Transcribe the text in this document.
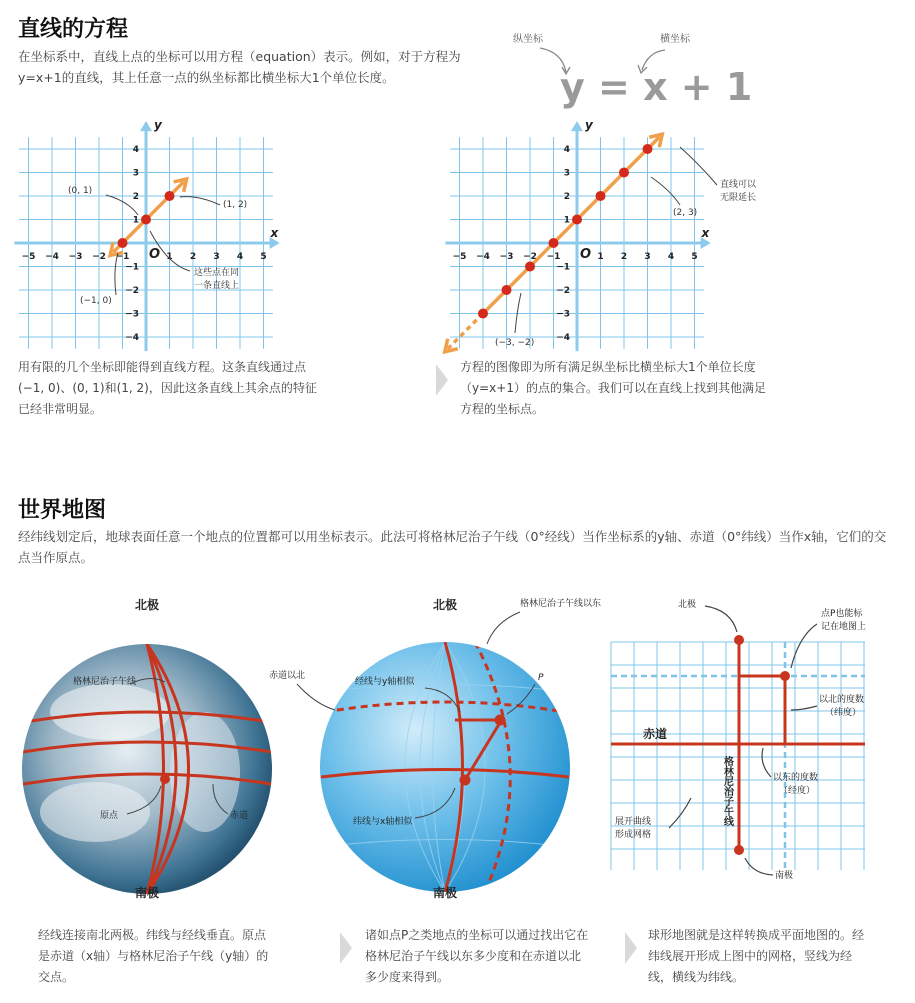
直线的方程
在坐标系中，直线上点的坐标可以用方程（equation）表示。例如，对于方程为y=x+1的直线，其上任意一点的纵坐标都比横坐标大1个单位长度。
纵坐标	横坐标
y = x + 1
x
y
O
−5 −4 −3 −2 −1	1 2 3 4 5
4
3
2
1
−1
−2
−3
−4
(0, 1)
(1, 2)
(−1, 0)
这些点在同一条直线上
x
y
O
−5 −4 −3 −2 −1	1 2 3 4 5
4
3
2
1
−1
−2
−3
−4
(2, 3)
(−3, −2)
直线可以无限延长
用有限的几个坐标即能得到直线方程。这条直线通过点(−1, 0)、(0, 1)和(1, 2)，因此这条直线上其余点的特征已经非常明显。
方程的图像即为所有满足纵坐标比横坐标大1个单位长度（y=x+1）的点的集合。我们可以在直线上找到其他满足方程的坐标点。
世界地图
经纬线划定后，地球表面任意一个地点的位置都可以用坐标表示。此法可将格林尼治子午线（0°经线）当作坐标系的y轴、赤道（0°纬线）当作x轴，它们的交点当作原点。
北极
格林尼治子午线
原点	赤道
南极
北极
P
格林尼治子午线以东
赤道以北
经线与y轴相似
纬线与x轴相似
南极
北极
南极
点P也能标记在地图上
以北的度数（纬度）
以东的度数（经度）
赤道
格林尼治子午线
展开曲线形成网格
经线连接南北两极。纬线与经线垂直。原点是赤道（x轴）与格林尼治子午线（y轴）的交点。
诸如点P之类地点的坐标可以通过找出它在格林尼治子午线以东多少度和在赤道以北多少度来得到。
球形地图就是这样转换成平面地图的。经纬线展开形成上图中的网格，竖线为经线，横线为纬线。
